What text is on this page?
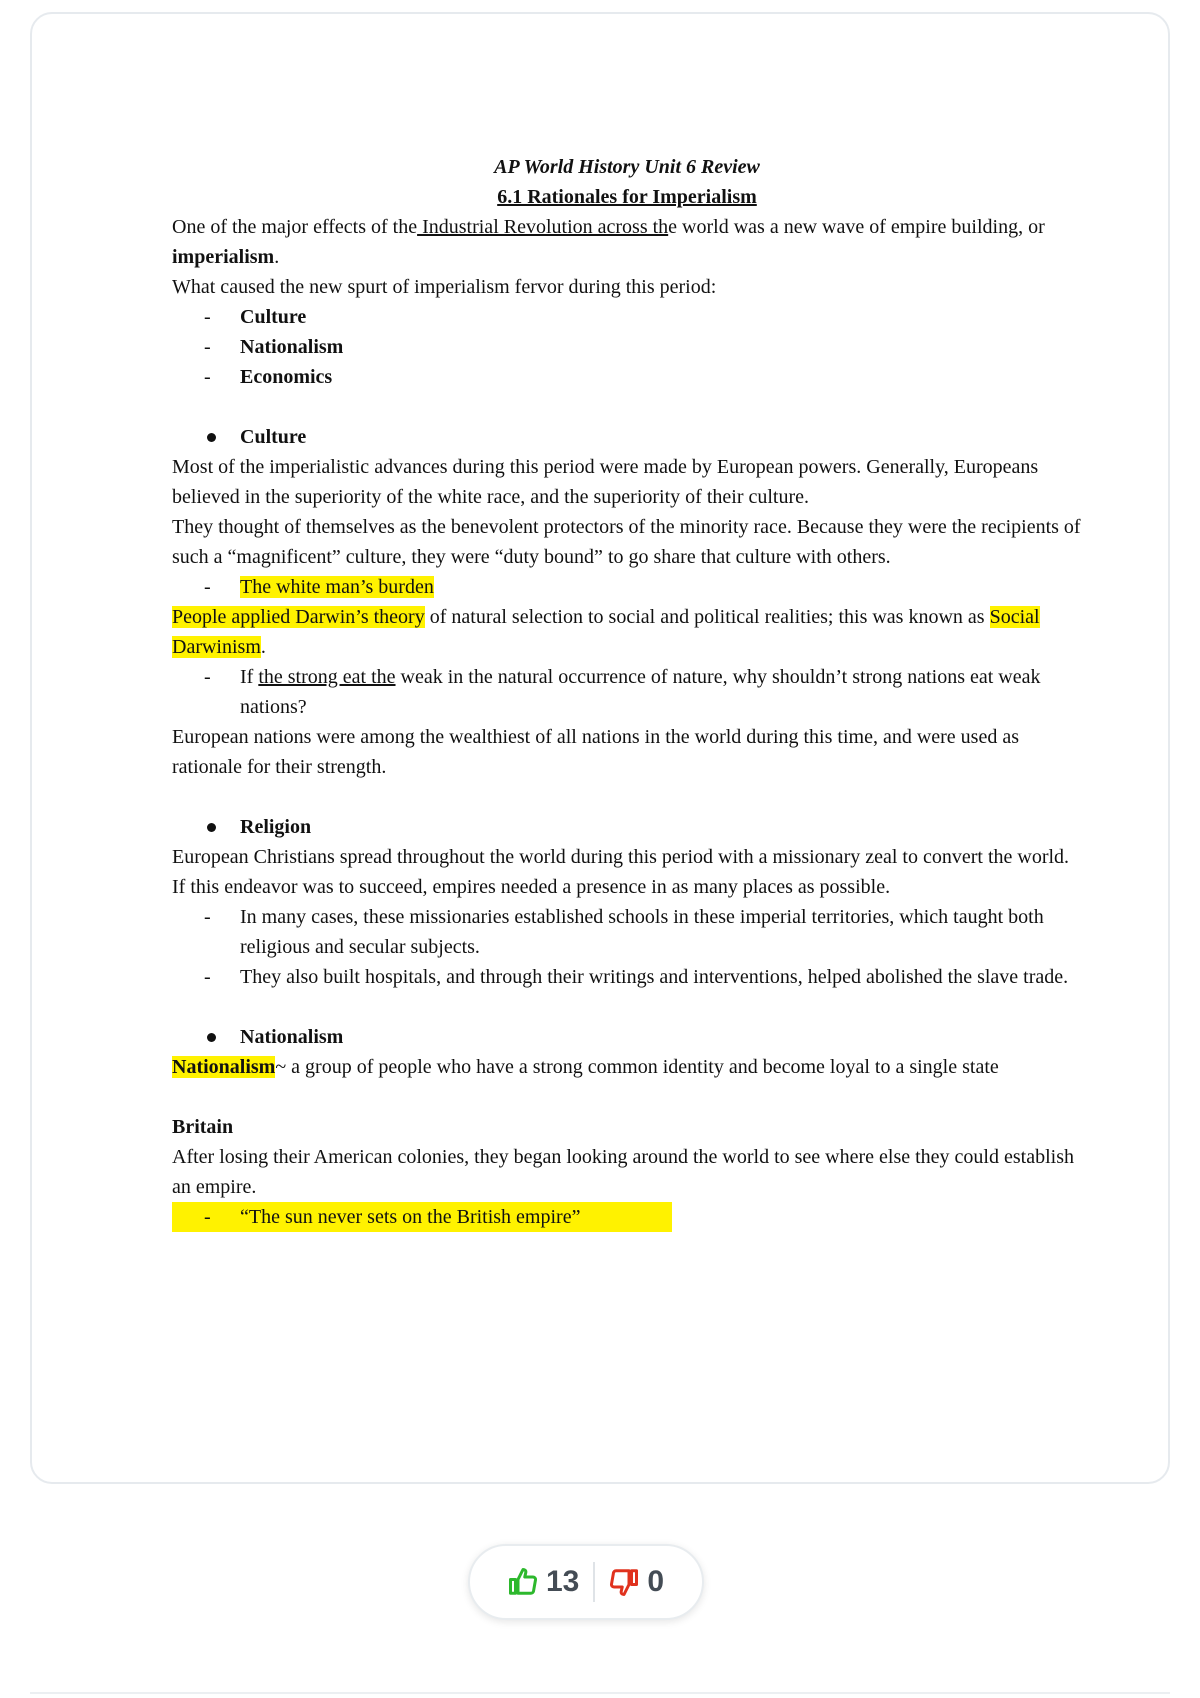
AP World History Unit 6 Review
6.1 Rationales for Imperialism

One of the major effects of the Industrial Revolution across the world was a new wave of empire building, or imperialism.

What caused the new spurt of imperialism fervor during this period:

- Culture
- Nationalism
- Economics
Culture

Most of the imperialistic advances during this period were made by European powers. Generally, Europeans believed in the superiority of the white race, and the superiority of their culture.

They thought of themselves as the benevolent protectors of the minority race. Because they were the recipients of such a “magnificent” culture, they were “duty bound” to go share that culture with others.

- The white man’s burden

People applied Darwin’s theory of natural selection to social and political realities; this was known as Social Darwinism.

- If the strong eat the weak in the natural occurrence of nature, why shouldn’t strong nations eat weak nations?

European nations were among the wealthiest of all nations in the world during this time, and were used as rationale for their strength.

Religion

European Christians spread throughout the world during this period with a missionary zeal to convert the world. If this endeavor was to succeed, empires needed a presence in as many places as possible.

- In many cases, these missionaries established schools in these imperial territories, which taught both religious and secular subjects.
- They also built hospitals, and through their writings and interventions, helped abolished the slave trade.
Nationalism

Nationalism~ a group of people who have a strong common identity and become loyal to a single state

Britain

After losing their American colonies, they began looking around the world to see where else they could establish an empire.

- “The sun never sets on the British empire”
13 0
